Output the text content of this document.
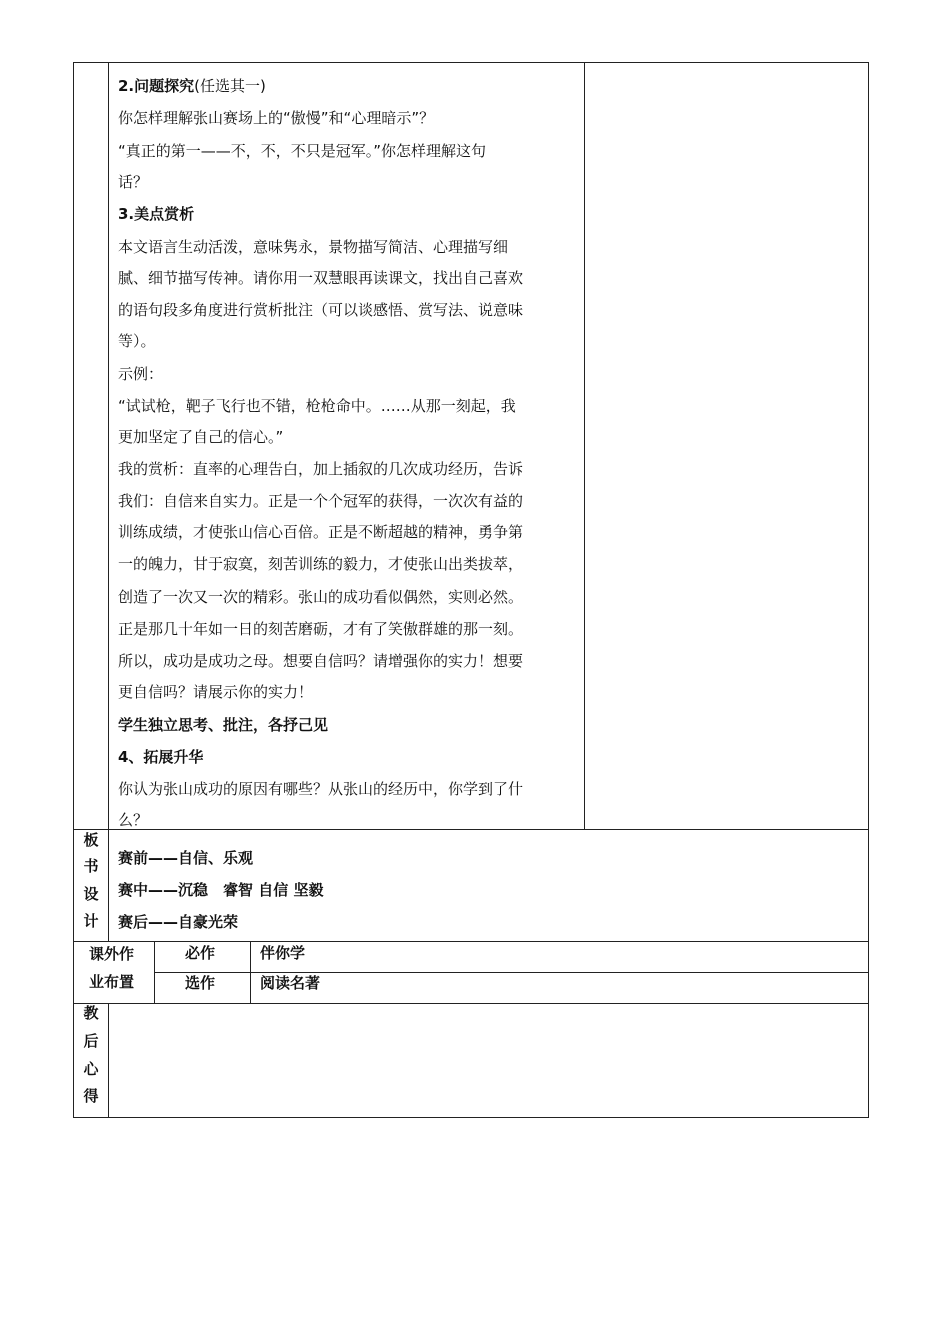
2.问题探究(任选其一)
你怎样理解张山赛场上的“傲慢”和“心理暗示”？
“真正的第一——不，不，不只是冠军。”你怎样理解这句
话？
3.美点赏析
本文语言生动活泼，意味隽永，景物描写简洁、心理描写细
腻、细节描写传神。请你用一双慧眼再读课文，找出自己喜欢
的语句段多角度进行赏析批注（可以谈感悟、赏写法、说意味
等）。
示例：
“试试枪，靶子飞行也不错，枪枪命中。……从那一刻起，我
更加坚定了自己的信心。”
我的赏析：直率的心理告白，加上插叙的几次成功经历，告诉
我们：自信来自实力。正是一个个冠军的获得，一次次有益的
训练成绩，才使张山信心百倍。正是不断超越的精神，勇争第
一的魄力，甘于寂寞，刻苦训练的毅力，才使张山出类拔萃，
创造了一次又一次的精彩。张山的成功看似偶然，实则必然。
正是那几十年如一日的刻苦磨砺，才有了笑傲群雄的那一刻。
所以，成功是成功之母。想要自信吗？请增强你的实力！想要
更自信吗？请展示你的实力！
学生独立思考、批注，各抒己见
4、拓展升华
你认为张山成功的原因有哪些？从张山的经历中，你学到了什
么？
板
书
设
计
赛前——自信、乐观
赛中——沉稳　睿智 自信 坚毅
赛后——自豪光荣
课外作
业布置
必作	伴你学
选作	阅读名著
教
后
心
得
